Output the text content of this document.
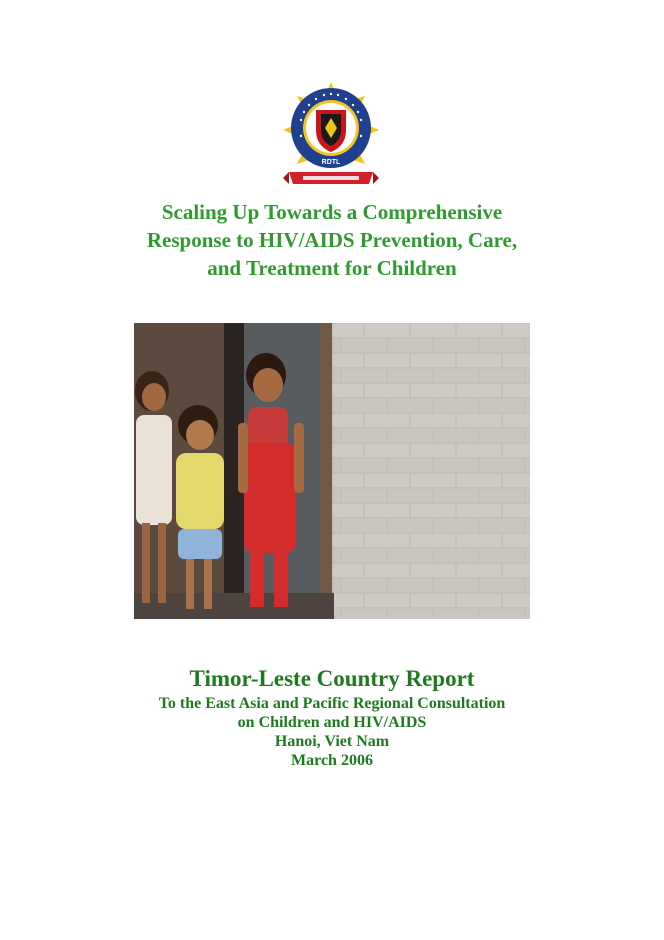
RDTL
Scaling Up Towards a Comprehensive
Response to HIV/AIDS Prevention, Care,
and Treatment for Children
Timor-Leste Country Report
To the East Asia and Pacific Regional Consultation
on Children and HIV/AIDS
Hanoi, Viet Nam
March 2006
